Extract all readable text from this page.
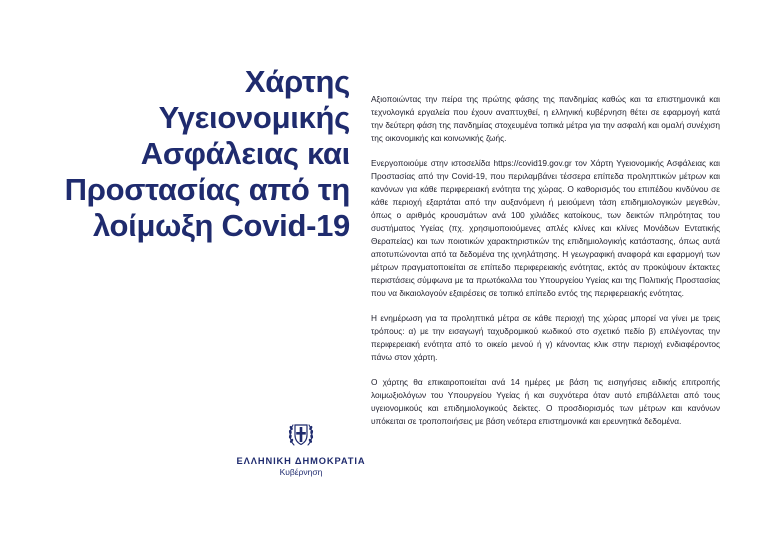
Χάρτης
Υγειονομικής
Ασφάλειας και
Προστασίας από τη
λοίμωξη Covid-19

Αξιοποιώντας την πείρα της πρώτης φάσης της πανδημίας καθώς και τα επιστημονικά και τεχνολογικά εργαλεία που έχουν αναπτυχθεί, η ελληνική κυβέρνηση θέτει σε εφαρμογή κατά την δεύτερη φάση της πανδημίας στοχευμένα τοπικά μέτρα για την ασφαλή και ομαλή συνέχιση της οικονομικής και κοινωνικής ζωής.

Ενεργοποιούμε στην ιστοσελίδα https://covid19.gov.gr τον Χάρτη Υγειονομικής Ασφάλειας και Προστασίας από την Covid-19, που περιλαμβάνει τέσσερα επίπεδα προληπτικών μέτρων και κανόνων για κάθε περιφερειακή ενότητα της χώρας. Ο καθορισμός του επιπέδου κινδύνου σε κάθε περιοχή εξαρτάται από την αυξανόμενη ή μειούμενη τάση επιδημιολογικών μεγεθών, όπως ο αριθμός κρουσμάτων ανά 100 χιλιάδες κατοίκους, των δεικτών πληρότητας του συστήματος Υγείας (πχ. χρησιμοποιούμενες απλές κλίνες και κλίνες Μονάδων Εντατικής Θεραπείας) και των ποιοτικών χαρακτηριστικών της επιδημιολογικής κατάστασης, όπως αυτά αποτυπώνονται από τα δεδομένα της ιχνηλάτησης. Η γεωγραφική αναφορά και εφαρμογή των μέτρων πραγματοποιείται σε επίπεδο περιφερειακής ενότητας, εκτός αν προκύψουν έκτακτες περιστάσεις σύμφωνα με τα πρωτόκολλα του Υπουργείου Υγείας και της Πολιτικής Προστασίας που να δικαιολογούν εξαιρέσεις σε τοπικό επίπεδο εντός της περιφερειακής ενότητας.

Η ενημέρωση για τα προληπτικά μέτρα σε κάθε περιοχή της χώρας μπορεί να γίνει με τρεις τρόπους: α) με την εισαγωγή ταχυδρομικού κωδικού στο σχετικό πεδίο β) επιλέγοντας την περιφερειακή ενότητα από το οικείο μενού ή γ) κάνοντας κλικ στην περιοχή ενδιαφέροντος πάνω στον χάρτη.

Ο χάρτης θα επικαιροποιείται ανά 14 ημέρες με βάση τις εισηγήσεις ειδικής επιτροπής λοιμωξιολόγων του Υπουργείου Υγείας ή και συχνότερα όταν αυτό επιβάλλεται από τους υγειονομικούς και επιδημιολογικούς δείκτες. Ο προσδιορισμός των μέτρων και κανόνων υπόκειται σε τροποποιήσεις με βάση νεότερα επιστημονικά και ερευνητικά δεδομένα.

ΕΛΛΗΝΙΚΗ ΔΗΜΟΚΡΑΤΙΑ
Κυβέρνηση
